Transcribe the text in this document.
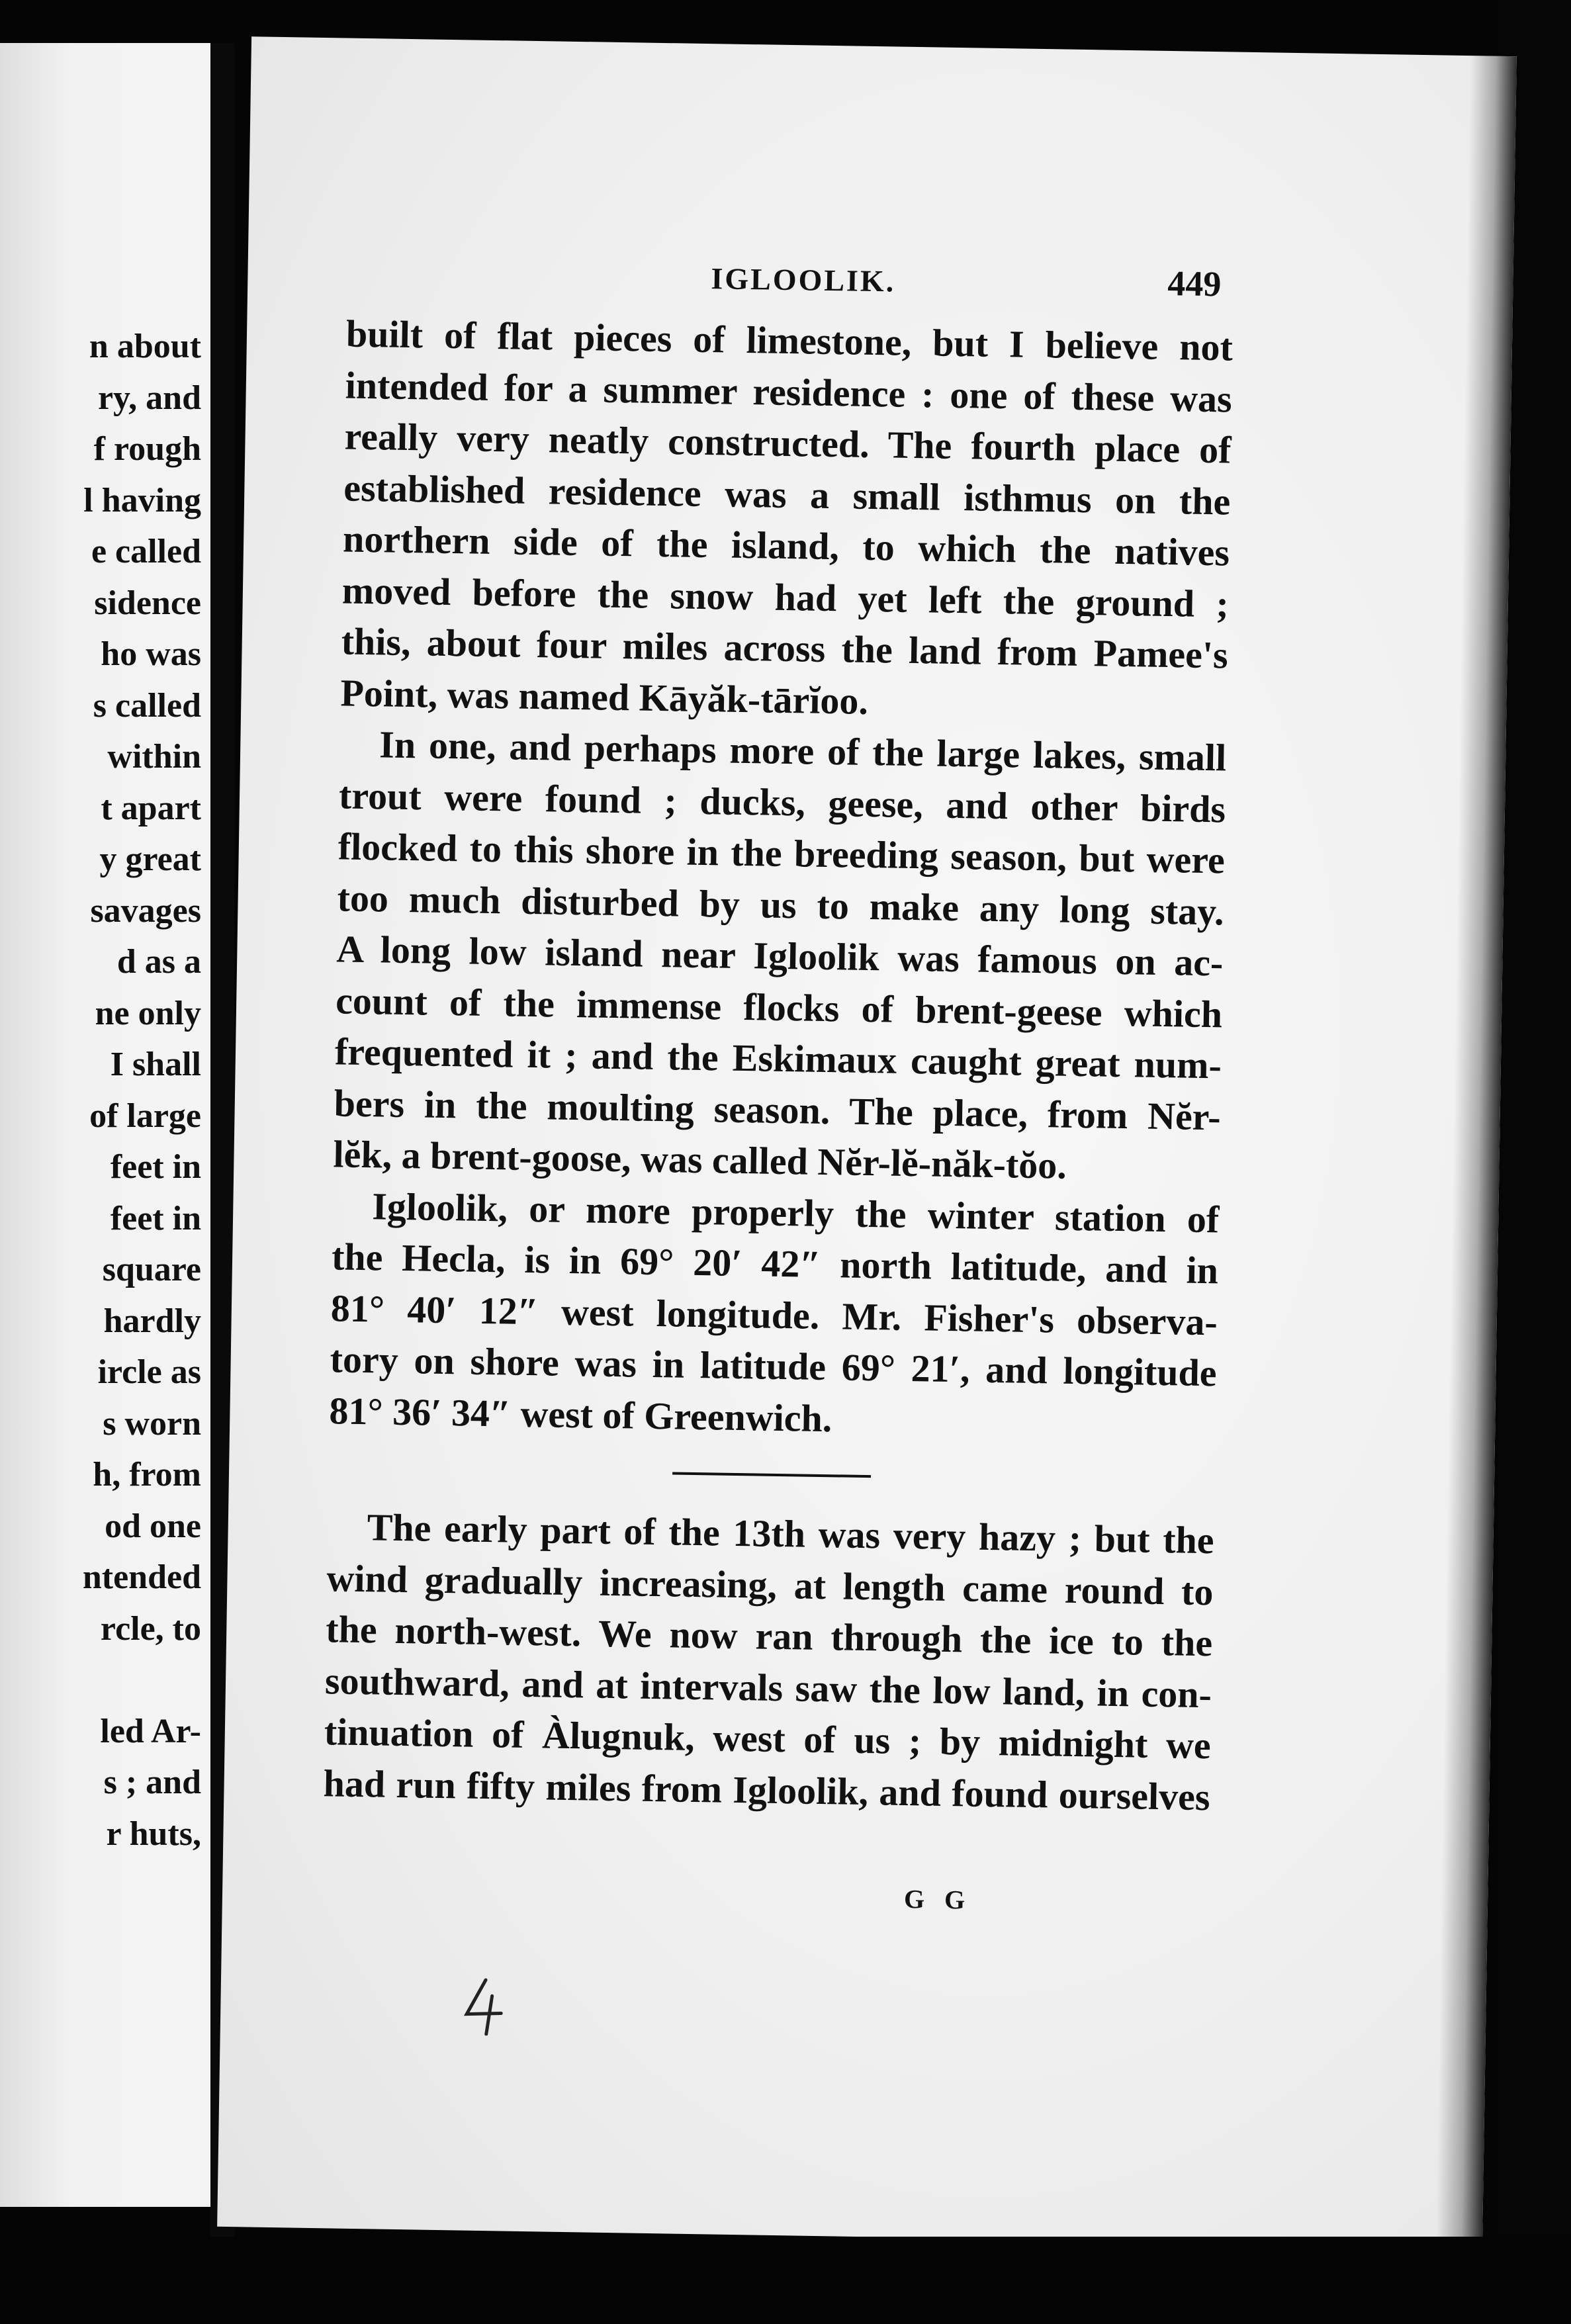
n about
ry, and
f rough
l having
e called
sidence
ho was
s called
within
t apart
y great
savages
d as a
ne only
I shall
of large
feet in
feet in
square
hardly
ircle as
s worn
h, from
od one
ntended
rcle, to
led Ar-
s ; and
r huts,
IGLOOLIK.	449
built of flat pieces of limestone, but I believe not
intended for a summer residence : one of these was
really very neatly constructed. The fourth place of
established residence was a small isthmus on the
northern side of the island, to which the natives
moved before the snow had yet left the ground ;
this, about four miles across the land from Pamee's
Point, was named Kāyăk-tārĭoo.
In one, and perhaps more of the large lakes, small
trout were found ; ducks, geese, and other birds
flocked to this shore in the breeding season, but were
too much disturbed by us to make any long stay.
A long low island near Igloolik was famous on ac-
count of the immense flocks of brent-geese which
frequented it ; and the Eskimaux caught great num-
bers in the moulting season. The place, from Nĕr-
lĕk, a brent-goose, was called Nĕr-lĕ-năk-tŏo.
Igloolik, or more properly the winter station of
the Hecla, is in 69° 20′ 42″ north latitude, and in
81° 40′ 12″ west longitude. Mr. Fisher's observa-
tory on shore was in latitude 69° 21′, and longitude
81° 36′ 34″ west of Greenwich.
The early part of the 13th was very hazy ; but the
wind gradually increasing, at length came round to
the north-west. We now ran through the ice to the
southward, and at intervals saw the low land, in con-
tinuation of Àlugnuk, west of us ; by midnight we
had run fifty miles from Igloolik, and found ourselves
G G
